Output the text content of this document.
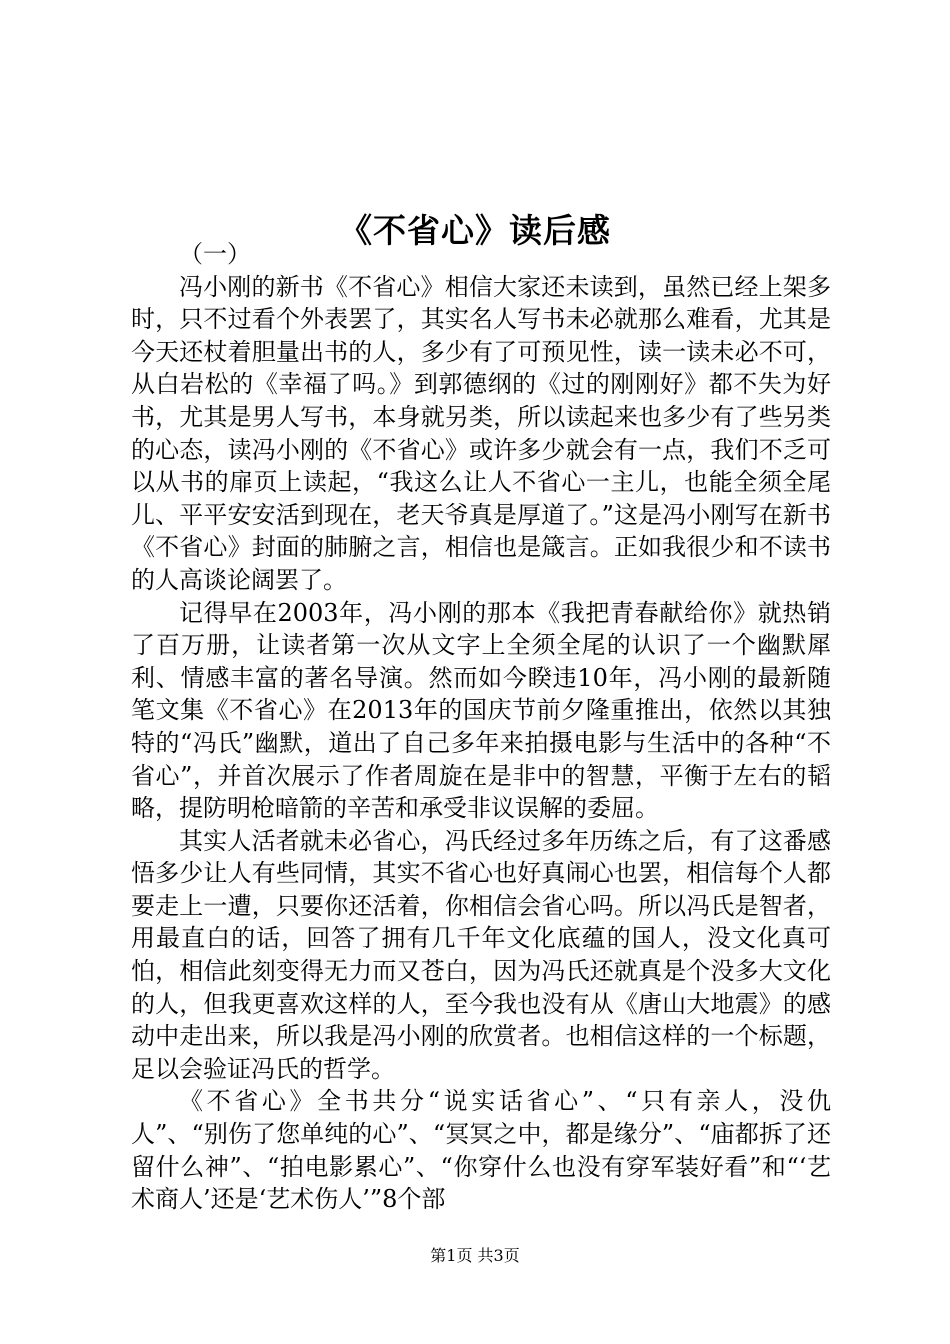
《不省心》读后感
（一）

冯小刚的新书《不省心》相信大家还未读到，虽然已经上架多时，只不过看个外表罢了，其实名人写书未必就那么难看，尤其是今天还杖着胆量出书的人，多少有了可预见性，读一读未必不可，从白岩松的《幸福了吗。》到郭德纲的《过的刚刚好》都不失为好书，尤其是男人写书，本身就另类，所以读起来也多少有了些另类的心态，读冯小刚的《不省心》或许多少就会有一点，我们不乏可以从书的扉页上读起，“我这么让人不省心一主儿，也能全须全尾儿、平平安安活到现在，老天爷真是厚道了。”这是冯小刚写在新书《不省心》封面的肺腑之言，相信也是箴言。正如我很少和不读书的人高谈论阔罢了。

记得早在2003年，冯小刚的那本《我把青春献给你》就热销了百万册，让读者第一次从文字上全须全尾的认识了一个幽默犀利、情感丰富的著名导演。然而如今睽违10年，冯小刚的最新随笔文集《不省心》在2013年的国庆节前夕隆重推出，依然以其独特的“冯氏”幽默，道出了自己多年来拍摄电影与生活中的各种“不省心”，并首次展示了作者周旋在是非中的智慧，平衡于左右的韬略，提防明枪暗箭的辛苦和承受非议误解的委屈。

其实人活者就未必省心，冯氏经过多年历练之后，有了这番感悟多少让人有些同情，其实不省心也好真闹心也罢，相信每个人都要走上一遭，只要你还活着，你相信会省心吗。所以冯氏是智者，用最直白的话，回答了拥有几千年文化底蕴的国人，没文化真可怕，相信此刻变得无力而又苍白，因为冯氏还就真是个没多大文化的人，但我更喜欢这样的人，至今我也没有从《唐山大地震》的感动中走出来，所以我是冯小刚的欣赏者。也相信这样的一个标题，足以会验证冯氏的哲学。

《不省心》全书共分“说实话省心”、“只有亲人，没仇人”、“别伤了您单纯的心”、“冥冥之中，都是缘分”、“庙都拆了还留什么神”、“拍电影累心”、“你穿什么也没有穿军装好看”和“‘艺术商人’还是‘艺术伤人’”8个部

第1页 共3页
